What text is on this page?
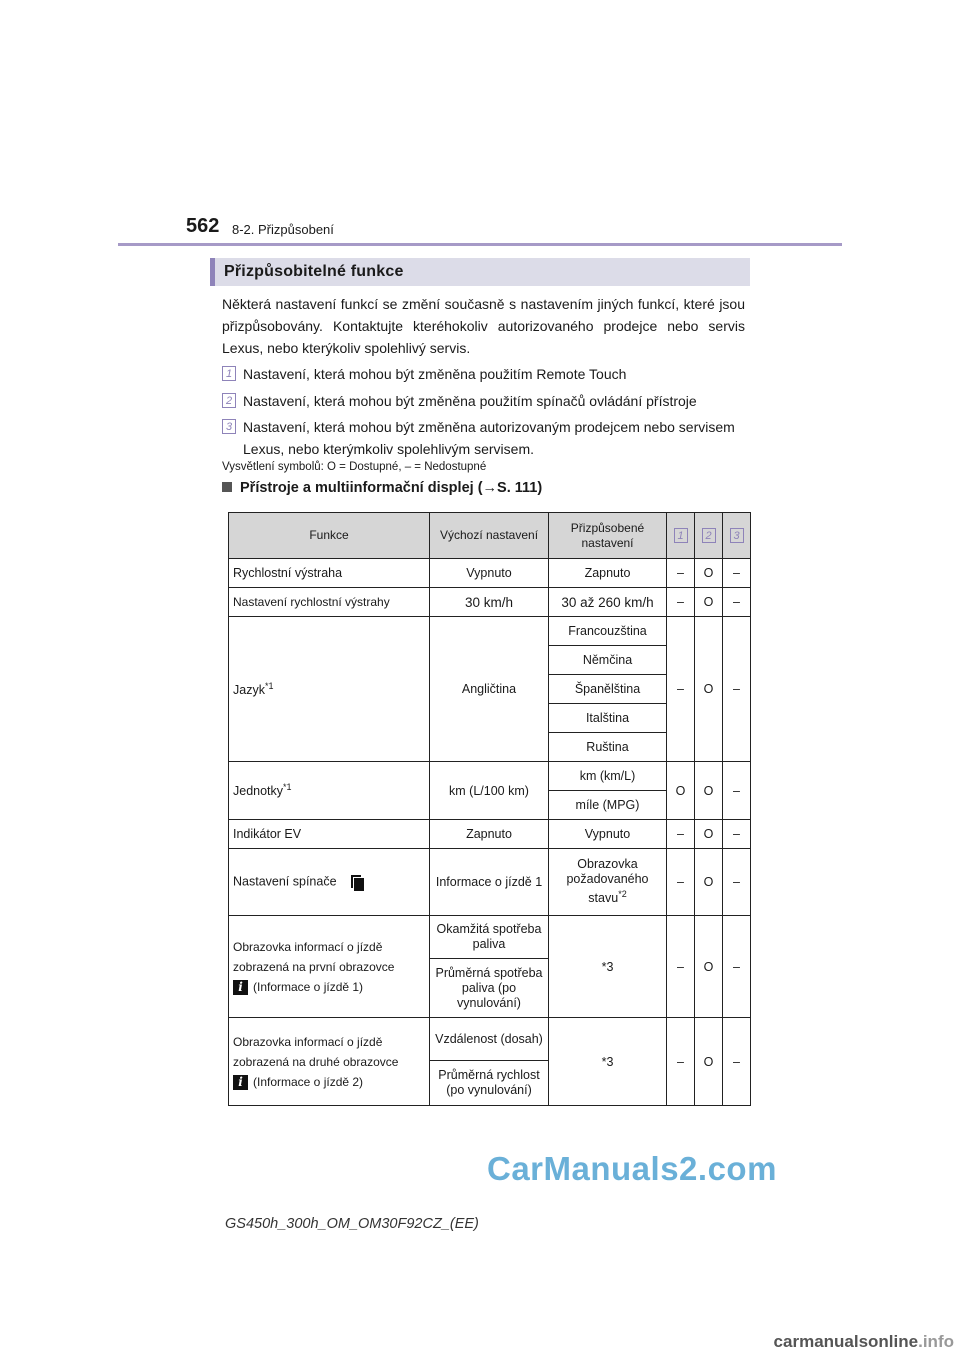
562 8-2. Přizpůsobení
Přizpůsobitelné funkce
Některá nastavení funkcí se změní současně s nastavením jiných funkcí, které jsou přizpůsobovány. Kontaktujte kteréhokoliv autorizovaného prodejce nebo servis Lexus, nebo kterýkoliv spolehlivý servis.
1 Nastavení, která mohou být změněna použitím Remote Touch
2 Nastavení, která mohou být změněna použitím spínačů ovládání přístroje
3 Nastavení, která mohou být změněna autorizovaným prodejcem nebo servisem Lexus, nebo kterýmkoliv spolehlivým servisem.
Vysvětlení symbolů: O = Dostupné, – = Nedostupné
Přístroje a multiinformační displej (→S. 111)
Funkce	Výchozí nastavení	Přizpůsobené nastavení	1	2	3
Rychlostní výstraha	Vypnuto	Zapnuto	–	O	–
Nastavení rychlostní výstrahy	30 km/h	30 až 260 km/h	–	O	–
Jazyk$^{*1}$	Angličtina	Francouzština	–	O	–
		Němčina			
		Španělština			
		Italština			
		Ruština			
Jednotky$^{*1}$	km (L/100 km)	km (km/L)	O	O	–
		míle (MPG)			
Indikátor EV	Zapnuto	Vypnuto	–	O	–
Nastavení spínače	Informace o jízdě 1	Obrazovka požadovaného stavu$^{*2}$	–	O	–

Obrazovka informací o jízdě
zobrazená na první obrazovce
i (Informace o jízdě 1)	Okamžitá spotřeba paliva	*3	–	O	–
	Průměrná spotřeba paliva (po vynulování)				

Obrazovka informací o jízdě
zobrazená na druhé obrazovce
i (Informace o jízdě 2)	Vzdálenost (dosah)	*3	–	O	–
	Průměrná rychlost (po vynulování)				
CarManuals2.com
GS450h_300h_OM_OM30F92CZ_(EE)
carmanualsonline.info
